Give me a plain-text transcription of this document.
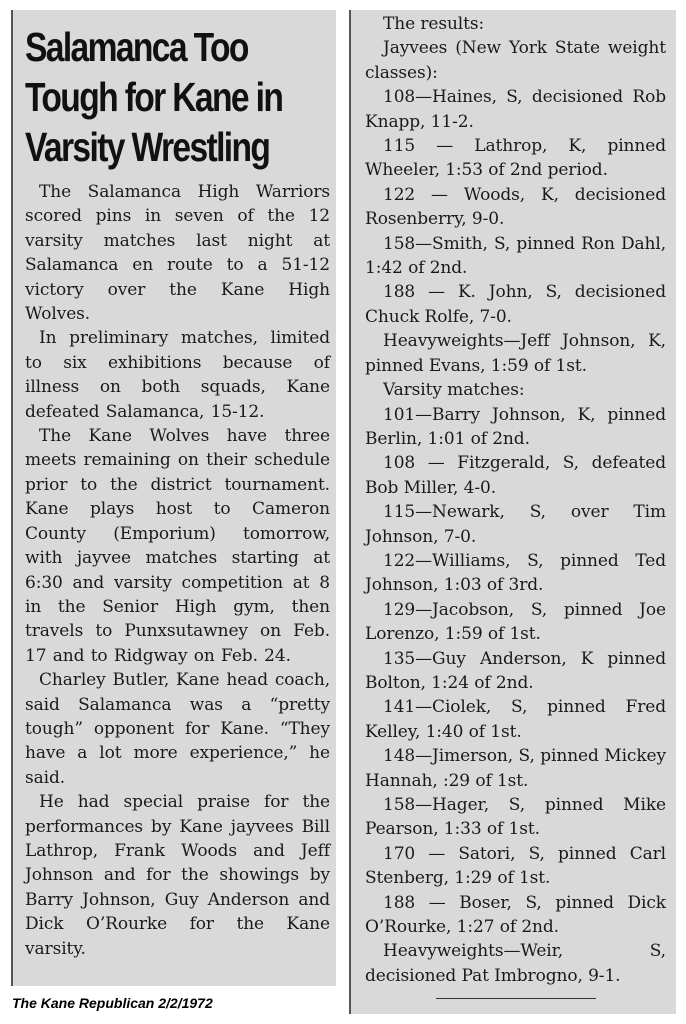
Salamanca Too Tough for Kane in Varsity Wrestling

The Salamanca High Warriors scored pins in seven of the 12 varsity matches last night at Salamanca en route to a 51-12 victory over the Kane High Wolves.

In preliminary matches, limited to six exhibitions because of illness on both squads, Kane defeated Salamanca, 15-12.

The Kane Wolves have three meets remaining on their schedule prior to the district tournament. Kane plays host to Cameron County (Emporium) tomorrow, with jayvee matches starting at 6:30 and varsity competition at 8 in the Senior High gym, then travels to Punxsutawney on Feb. 17 and to Ridgway on Feb. 24.

Charley Butler, Kane head coach, said Salamanca was a “pretty tough” opponent for Kane. “They have a lot more experience,” he said.

He had special praise for the performances by Kane jayvees Bill Lathrop, Frank Woods and Jeff Johnson and for the showings by Barry Johnson, Guy Anderson and Dick O’Rourke for the Kane varsity.

The results:

Jayvees (New York State weight classes):

108—Haines, S, decisioned Rob Knapp, 11-2.

115 — Lathrop, K, pinned Wheeler, 1:53 of 2nd period.

122 — Woods, K, decisioned Rosenberry, 9-0.

158—Smith, S, pinned Ron Dahl, 1:42 of 2nd.

188 — K. John, S, decisioned Chuck Rolfe, 7-0.

Heavyweights—Jeff Johnson, K, pinned Evans, 1:59 of 1st.

Varsity matches:

101—Barry Johnson, K, pinned Berlin, 1:01 of 2nd.

108 — Fitzgerald, S, defeated Bob Miller, 4-0.

115—Newark, S, over Tim Johnson, 7-0.

122—Williams, S, pinned Ted Johnson, 1:03 of 3rd.

129—Jacobson, S, pinned Joe Lorenzo, 1:59 of 1st.

135—Guy Anderson, K pinned Bolton, 1:24 of 2nd.

141—Ciolek, S, pinned Fred Kelley, 1:40 of 1st.

148—Jimerson, S, pinned Mickey Hannah, :29 of 1st.

158—Hager, S, pinned Mike Pearson, 1:33 of 1st.

170 — Satori, S, pinned Carl Stenberg, 1:29 of 1st.

188 — Boser, S, pinned Dick O’Rourke, 1:27 of 2nd.

Heavyweights—Weir, S, decisioned Pat Imbrogno, 9-1.

The Kane Republican 2/2/1972
